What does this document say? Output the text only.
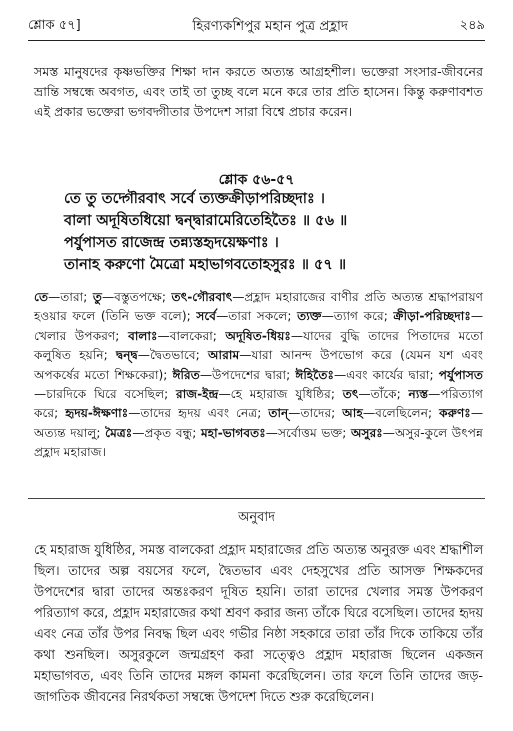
শ্লোক ৫৭]	হিরণ্যকশিপুর মহান পুত্র প্রহ্লাদ	২৪৯
সমস্ত মানুষদের কৃষ্ণভক্তির শিক্ষা দান করতে অত্যন্ত আগ্রহশীল। ভক্তেরা সংসার-জীবনের ভ্রান্তি সম্বন্ধে অবগত, এবং তাই তা তুচ্ছ বলে মনে করে তার প্রতি হাসেন। কিন্তু করুণাবশত এই প্রকার ভক্তেরা ভগবদ্গীতার উপদেশ সারা বিশ্বে প্রচার করেন।
শ্লোক ৫৬-৫৭
তে তু তদ্গৌরবাৎ সর্বে ত্যক্তক্রীড়াপরিচ্ছদাঃ ।
বালা অদূষিতধিয়ো দ্বন্দ্বারামেরিতেহিতৈঃ ॥ ৫৬ ॥
পর্যুপাসত রাজেন্দ্র তন্ন্যস্তহৃদয়েক্ষণাঃ ।
তানাহ করুণো মৈত্রো মহাভাগবতোহসুরঃ ॥ ৫৭ ॥
তে—তারা; তু—বস্তুতপক্ষে; তৎ-গৌরবাৎ—প্রহ্লাদ মহারাজের বাণীর প্রতি অত্যন্ত শ্রদ্ধাপরায়ণ হওয়ার ফলে (তিনি ভক্ত বলে); সর্বে—তারা সকলে; ত্যক্ত—ত্যাগ করে; ক্রীড়া-পরিচ্ছদাঃ—খেলার উপকরণ; বালাঃ—বালকেরা; অদূষিত-ধিয়ঃ—যাদের বুদ্ধি তাদের পিতাদের মতো কলুষিত হয়নি; দ্বন্দ্ব—দ্বৈতভাবে; আরাম—যারা আনন্দ উপভোগ করে (যেমন যশ এবং অপকর্ষের মতো শিক্ষকেরা); ঈরিত—উপদেশের দ্বারা; ঈহিতৈঃ—এবং কার্যের দ্বারা; পর্যুপাসত—চারদিকে ঘিরে বসেছিল; রাজ-ইন্দ্র—হে মহারাজ যুধিষ্ঠির; তৎ—তাঁকে; ন্যস্ত—পরিত্যাগ করে; হৃদয়-ঈক্ষণাঃ—তাদের হৃদয় এবং নেত্র; তান্—তাদের; আহ—বলেছিলেন; করুণঃ—অত্যন্ত দয়ালু; মৈত্রঃ—প্রকৃত বন্ধু; মহা-ভাগবতঃ—সর্বোত্তম ভক্ত; অসুরঃ—অসুর-কুলে উৎপন্ন প্রহ্লাদ মহারাজ।
অনুবাদ
হে মহারাজ যুধিষ্ঠির, সমস্ত বালকেরা প্রহ্লাদ মহারাজের প্রতি অত্যন্ত অনুরক্ত এবং শ্রদ্ধাশীল ছিল। তাদের অল্প বয়সের ফলে, দ্বৈতভাব এবং দেহসুখের প্রতি আসক্ত শিক্ষকদের উপদেশের দ্বারা তাদের অন্তঃকরণ দূষিত হয়নি। তারা তাদের খেলার সমস্ত উপকরণ পরিত্যাগ করে, প্রহ্লাদ মহারাজের কথা শ্রবণ করার জন্য তাঁকে ঘিরে বসেছিল। তাদের হৃদয় এবং নেত্র তাঁর উপর নিবদ্ধ ছিল এবং গভীর নিষ্ঠা সহকারে তারা তাঁর দিকে তাকিয়ে তাঁর কথা শুনছিল। অসুরকুলে জন্মগ্রহণ করা সত্ত্বেও প্রহ্লাদ মহারাজ ছিলেন একজন মহাভাগবত, এবং তিনি তাদের মঙ্গল কামনা করেছিলেন। তার ফলে তিনি তাদের জড়-জাগতিক জীবনের নিরর্থকতা সম্বন্ধে উপদেশ দিতে শুরু করেছিলেন।
